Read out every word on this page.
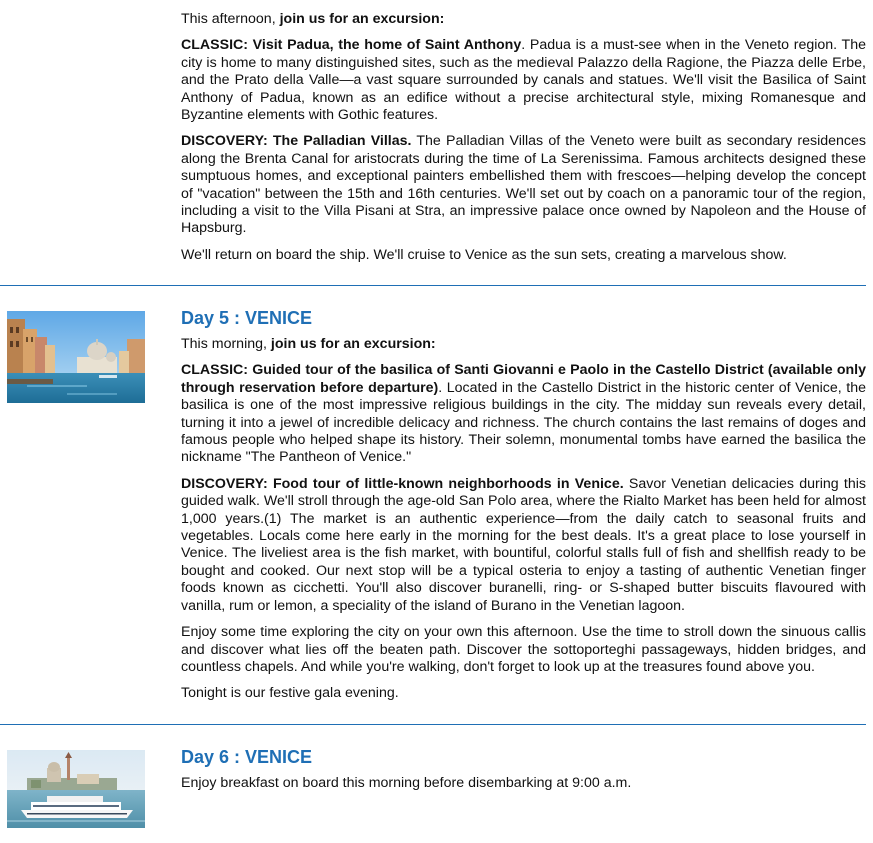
This afternoon, join us for an excursion:

CLASSIC: Visit Padua, the home of Saint Anthony. Padua is a must-see when in the Veneto region. The city is home to many distinguished sites, such as the medieval Palazzo della Ragione, the Piazza delle Erbe, and the Prato della Valle—a vast square surrounded by canals and statues. We'll visit the Basilica of Saint Anthony of Padua, known as an edifice without a precise architectural style, mixing Romanesque and Byzantine elements with Gothic features.

DISCOVERY: The Palladian Villas. The Palladian Villas of the Veneto were built as secondary residences along the Brenta Canal for aristocrats during the time of La Serenissima. Famous architects designed these sumptuous homes, and exceptional painters embellished them with frescoes—helping develop the concept of "vacation" between the 15th and 16th centuries. We'll set out by coach on a panoramic tour of the region, including a visit to the Villa Pisani at Stra, an impressive palace once owned by Napoleon and the House of Hapsburg.

We'll return on board the ship. We'll cruise to Venice as the sun sets, creating a marvelous show.

Day 5 : VENICE

This morning, join us for an excursion:

CLASSIC: Guided tour of the basilica of Santi Giovanni e Paolo in the Castello District (available only through reservation before departure). Located in the Castello District in the historic center of Venice, the basilica is one of the most impressive religious buildings in the city. The midday sun reveals every detail, turning it into a jewel of incredible delicacy and richness. The church contains the last remains of doges and famous people who helped shape its history. Their solemn, monumental tombs have earned the basilica the nickname "The Pantheon of Venice."

DISCOVERY: Food tour of little-known neighborhoods in Venice. Savor Venetian delicacies during this guided walk. We'll stroll through the age-old San Polo area, where the Rialto Market has been held for almost 1,000 years.(1) The market is an authentic experience—from the daily catch to seasonal fruits and vegetables. Locals come here early in the morning for the best deals. It's a great place to lose yourself in Venice. The liveliest area is the fish market, with bountiful, colorful stalls full of fish and shellfish ready to be bought and cooked. Our next stop will be a typical osteria to enjoy a tasting of authentic Venetian finger foods known as cicchetti. You'll also discover buranelli, ring- or S-shaped butter biscuits flavoured with vanilla, rum or lemon, a speciality of the island of Burano in the Venetian lagoon.

Enjoy some time exploring the city on your own this afternoon. Use the time to stroll down the sinuous callis and discover what lies off the beaten path. Discover the sottoporteghi passageways, hidden bridges, and countless chapels. And while you're walking, don't forget to look up at the treasures found above you.

Tonight is our festive gala evening.

Day 6 : VENICE

Enjoy breakfast on board this morning before disembarking at 9:00 a.m.
